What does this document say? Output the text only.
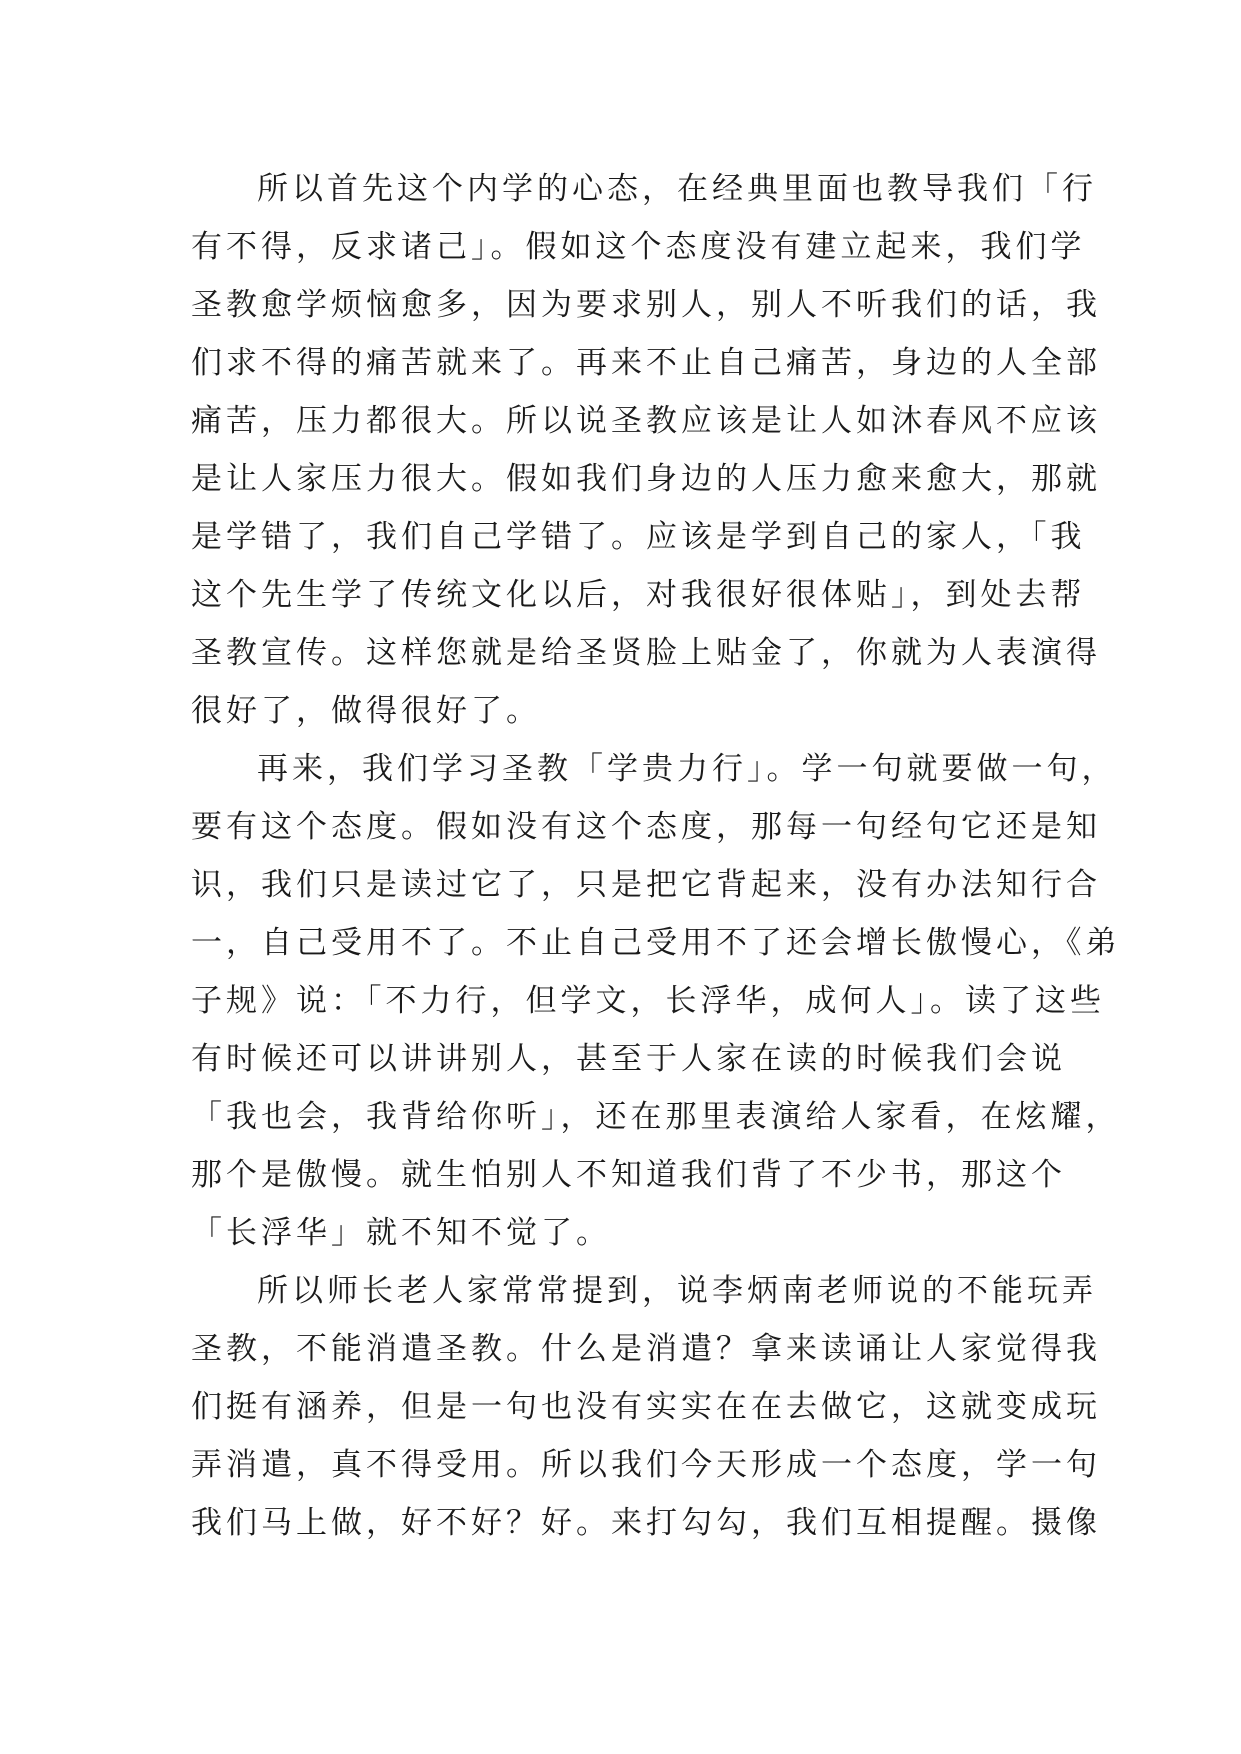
所以首先这个内学的心态，在经典里面也教导我们「行
有不得，反求诸己」。假如这个态度没有建立起来，我们学
圣教愈学烦恼愈多，因为要求别人，别人不听我们的话，我
们求不得的痛苦就来了。再来不止自己痛苦，身边的人全部
痛苦，压力都很大。所以说圣教应该是让人如沐春风不应该
是让人家压力很大。假如我们身边的人压力愈来愈大，那就
是学错了，我们自己学错了。应该是学到自己的家人，「我
这个先生学了传统文化以后，对我很好很体贴」，到处去帮
圣教宣传。这样您就是给圣贤脸上贴金了，你就为人表演得
很好了，做得很好了。
再来，我们学习圣教「学贵力行」。学一句就要做一句，
要有这个态度。假如没有这个态度，那每一句经句它还是知
识，我们只是读过它了，只是把它背起来，没有办法知行合
一，自己受用不了。不止自己受用不了还会增长傲慢心，《弟
子规》说：「不力行，但学文，长浮华，成何人」。读了这些
有时候还可以讲讲别人，甚至于人家在读的时候我们会说
「我也会，我背给你听」，还在那里表演给人家看，在炫耀，
那个是傲慢。就生怕别人不知道我们背了不少书，那这个
「长浮华」就不知不觉了。
所以师长老人家常常提到，说李炳南老师说的不能玩弄
圣教，不能消遣圣教。什么是消遣？拿来读诵让人家觉得我
们挺有涵养，但是一句也没有实实在在去做它，这就变成玩
弄消遣，真不得受用。所以我们今天形成一个态度，学一句
我们马上做，好不好？好。来打勾勾，我们互相提醒。摄像
